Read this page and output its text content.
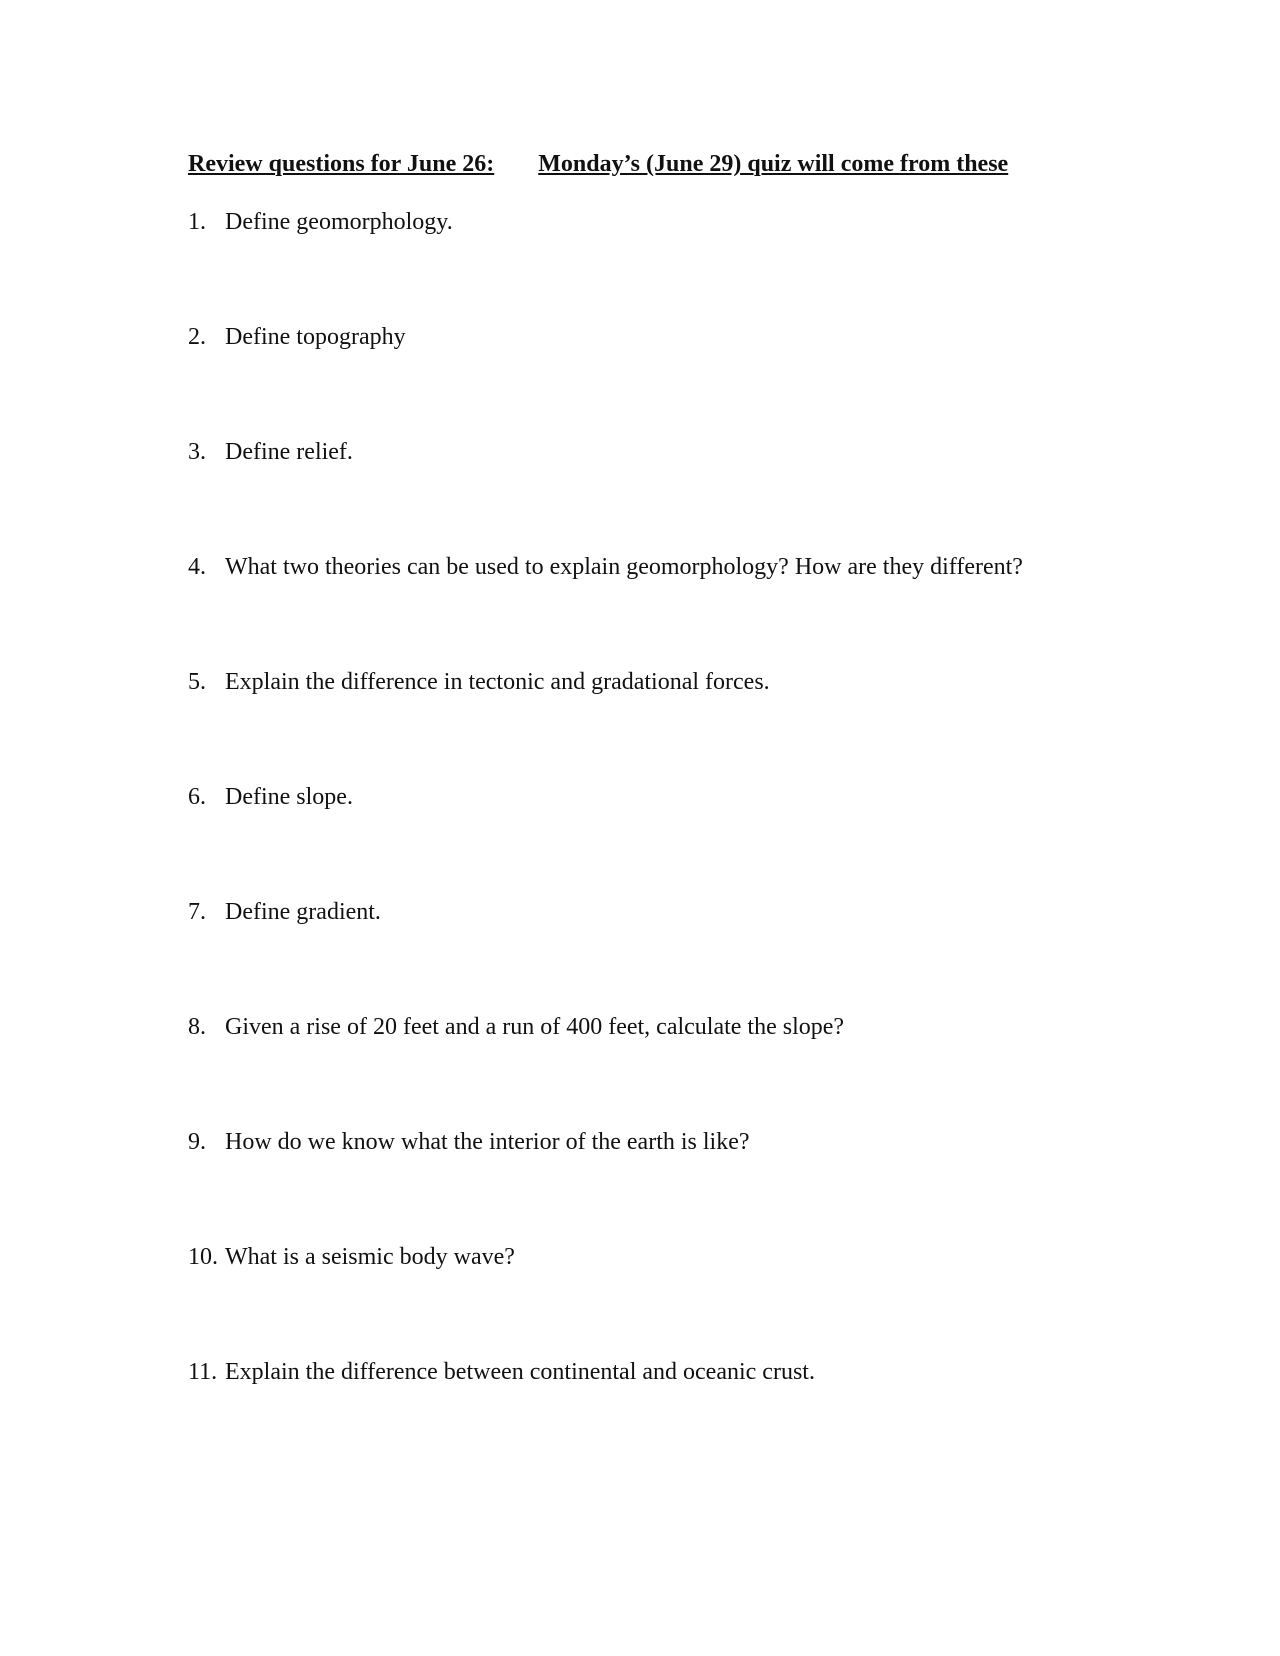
Review questions for June 26: Monday’s (June 29) quiz will come from these
1. Define geomorphology.
2. Define topography
3. Define relief.
4. What two theories can be used to explain geomorphology? How are they different?
5. Explain the difference in tectonic and gradational forces.
6. Define slope.
7. Define gradient.
8. Given a rise of 20 feet and a run of 400 feet, calculate the slope?
9. How do we know what the interior of the earth is like?
10. What is a seismic body wave?
11. Explain the difference between continental and oceanic crust.
